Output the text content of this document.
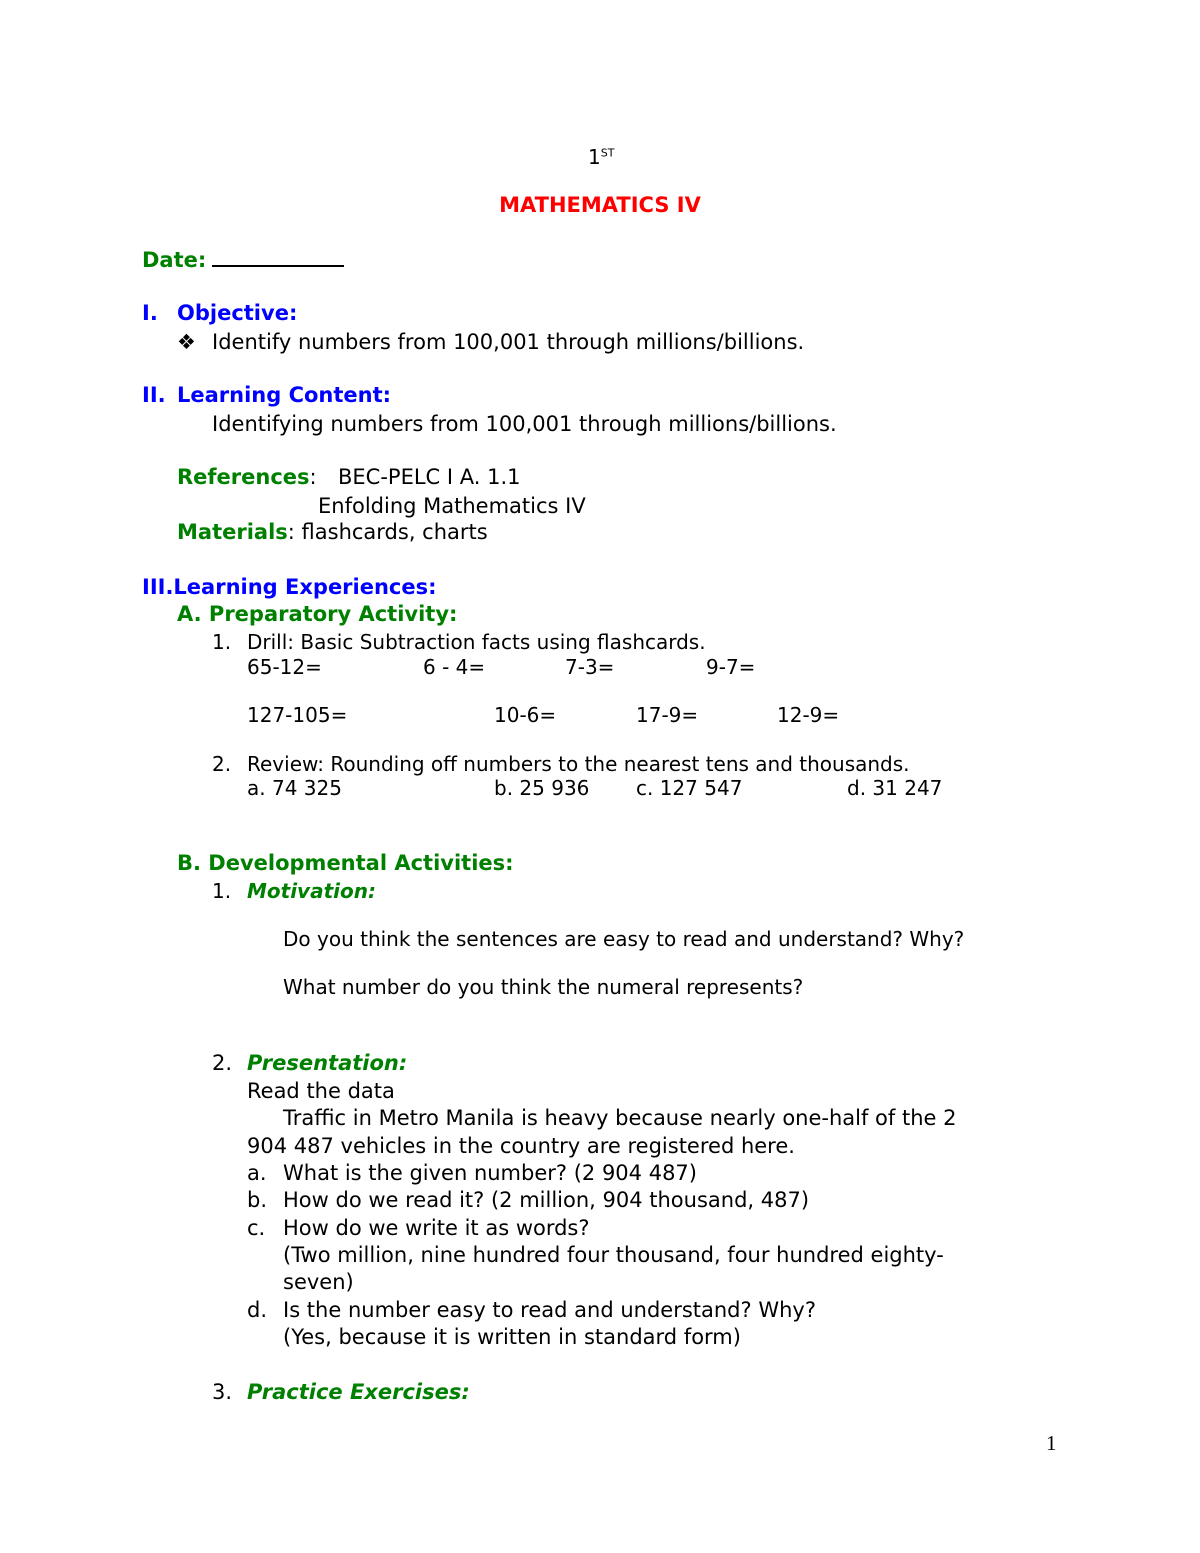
1ST
MATHEMATICS IV
Date:
I. Objective:
❖ Identify numbers from 100,001 through millions/billions.
II. Learning Content:
Identifying numbers from 100,001 through millions/billions.
References: BEC-PELC I A. 1.1
Enfolding Mathematics IV
Materials: flashcards, charts
III.Learning Experiences:
A. Preparatory Activity:
1. Drill: Basic Subtraction facts using flashcards.
65-12=	6 - 4=	7-3=	9-7=
127-105=	10-6=	17-9=	12-9=
2. Review: Rounding off numbers to the nearest tens and thousands.
a. 74 325	b. 25 936 c. 127 547	d. 31 247
B. Developmental Activities:
1. Motivation:
Do you think the sentences are easy to read and understand? Why?
What number do you think the numeral represents?
2. Presentation:
Read the data
Traffic in Metro Manila is heavy because nearly one-half of the 2
904 487 vehicles in the country are registered here.
a. What is the given number? (2 904 487)
b. How do we read it? (2 million, 904 thousand, 487)
c. How do we write it as words?
(Two million, nine hundred four thousand, four hundred eighty-
seven)
d. Is the number easy to read and understand? Why?
(Yes, because it is written in standard form)
3. Practice Exercises:
1
